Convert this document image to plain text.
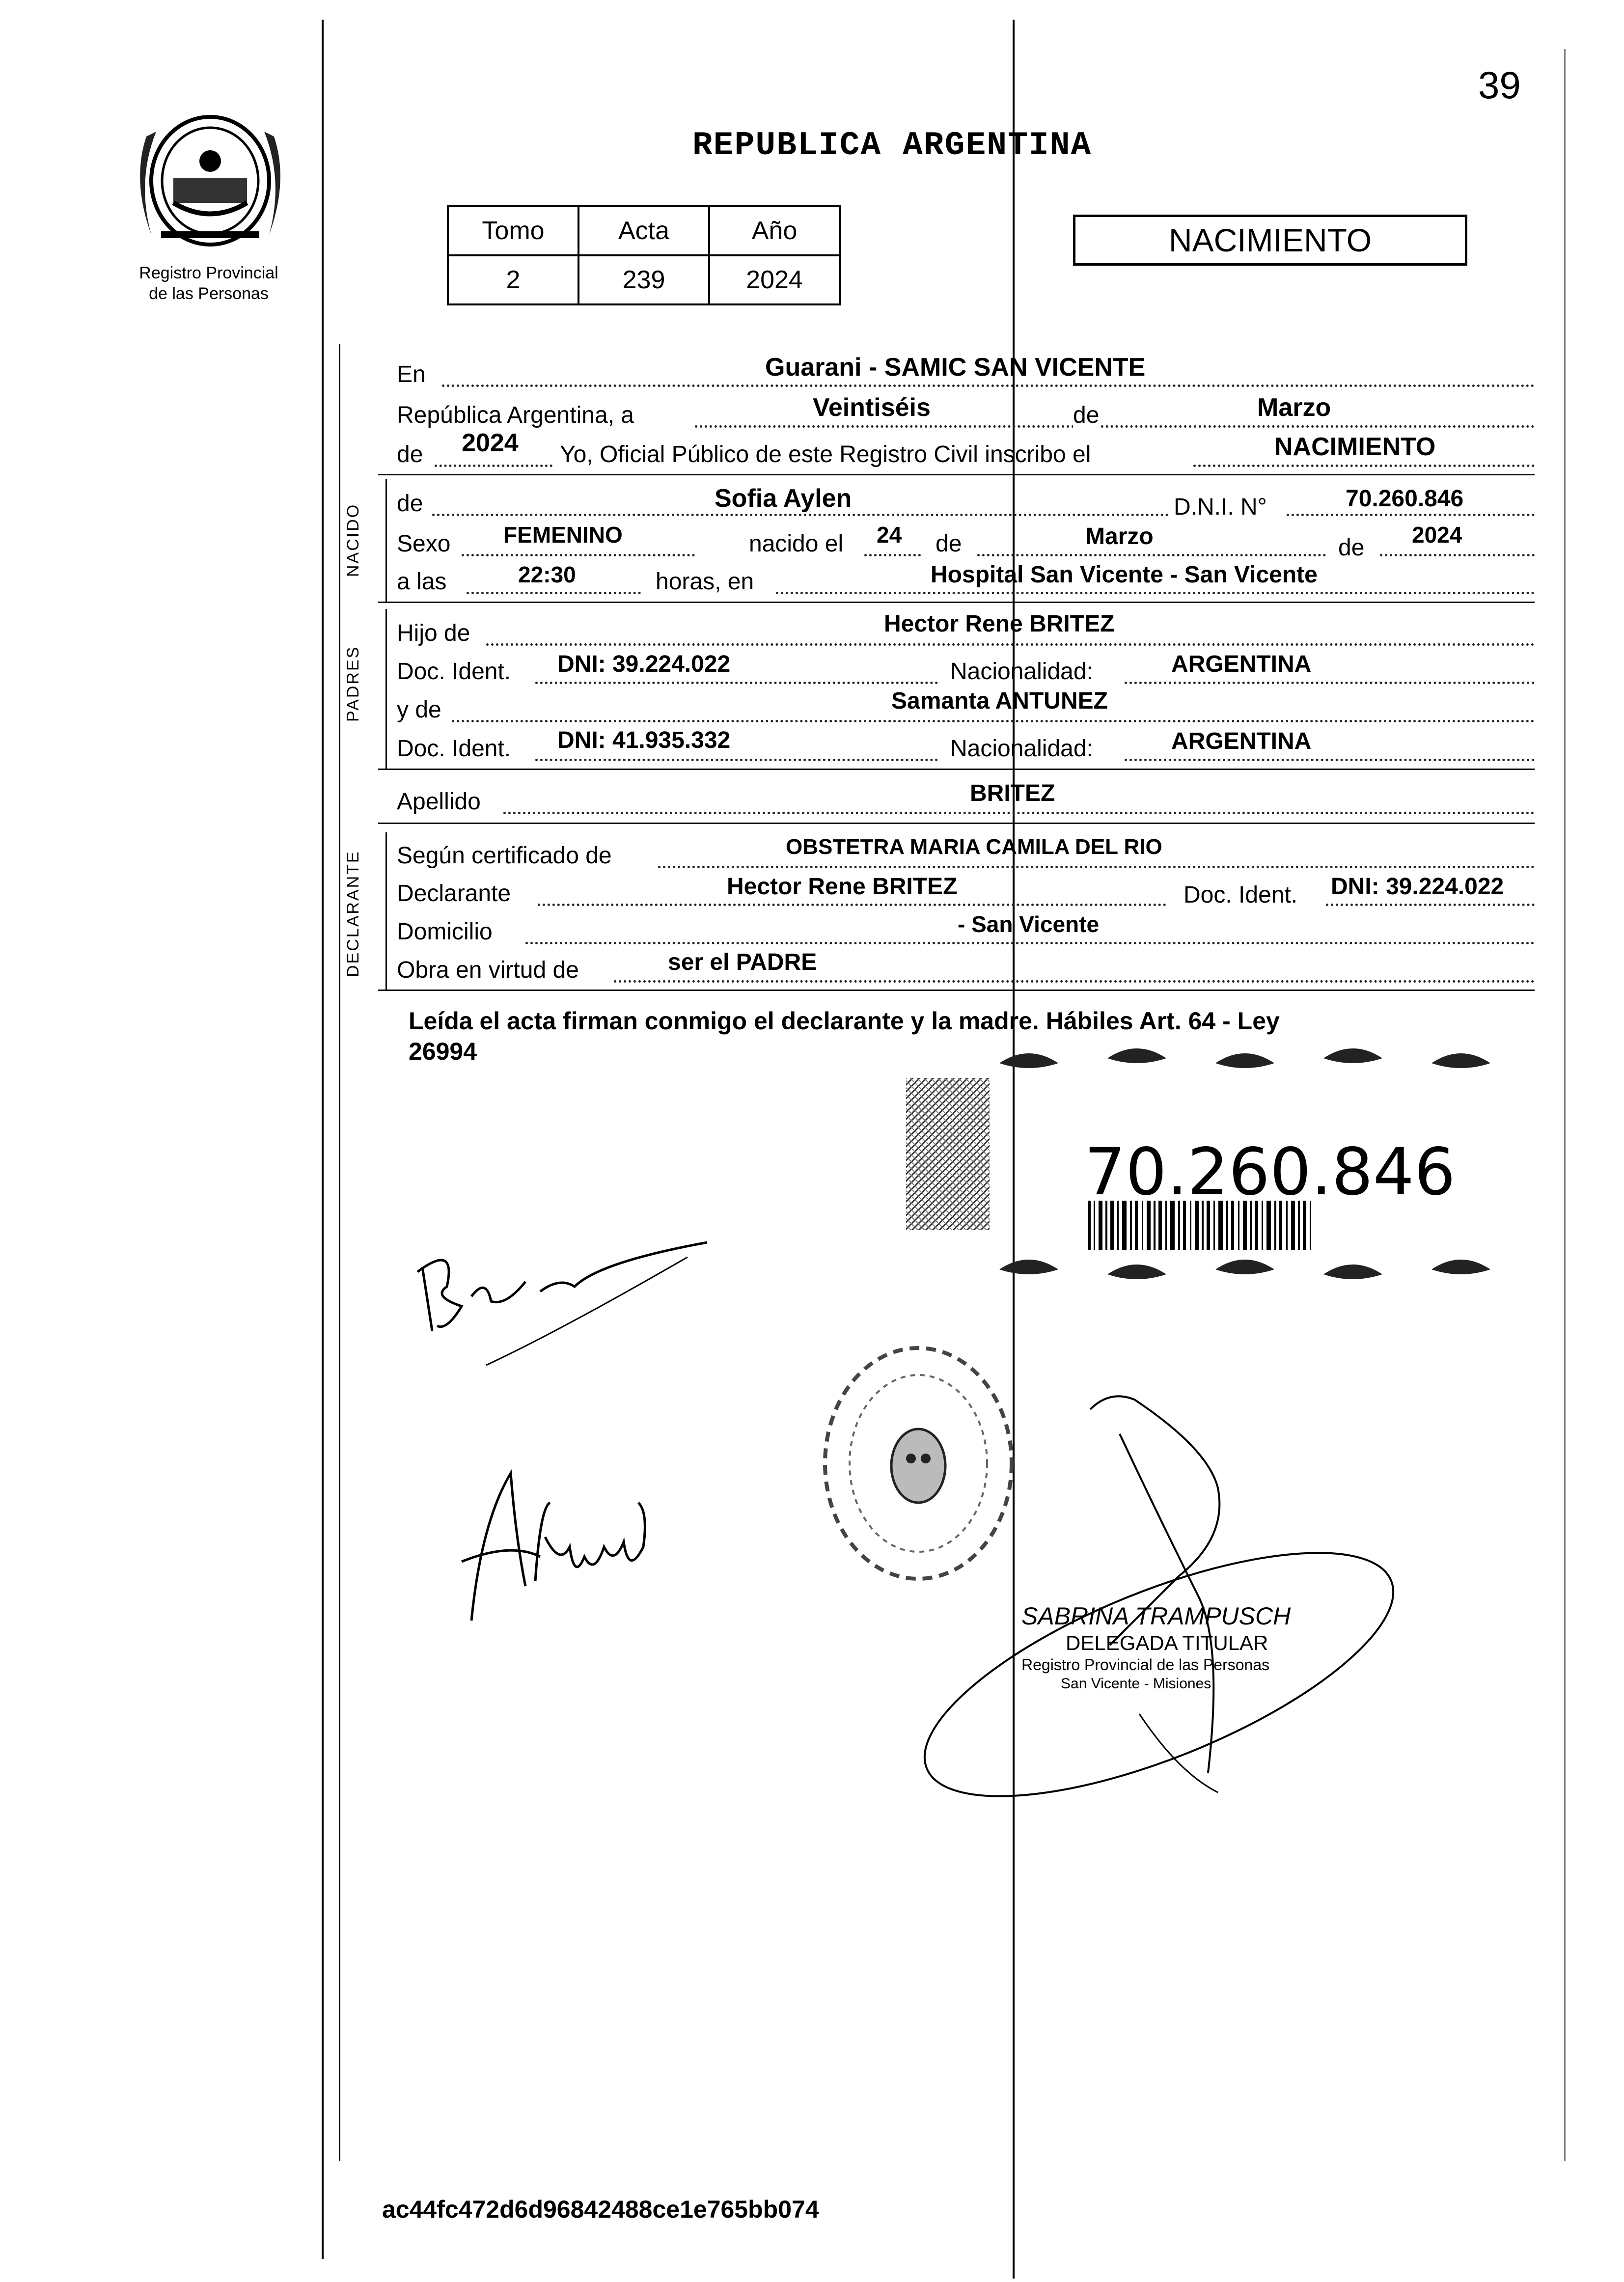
39
REPUBLICA ARGENTINA
Registro Provincial
de las Personas
Tomo	Acta	Año
2	239	2024
NACIMIENTO
En	Guarani - SAMIC SAN VICENTE
República Argentina, a	Veintiséis	de	Marzo
de 2024 Yo, Oficial Público de este Registro Civil inscribo el	NACIMIENTO
NACIDO de	Sofia Aylen	D.N.I. N°	70.260.846
Sexo FEMENINO	nacido el 24 de	Marzo	de 2024
a las	22:30	horas, en	Hospital San Vicente - San Vicente
PADRES
Hijo de	Hector Rene BRITEZ
Doc. Ident. DNI: 39.224.022	Nacionalidad:	ARGENTINA
y de	Samanta ANTUNEZ
Doc. Ident. DNI: 41.935.332	Nacionalidad:	ARGENTINA
Apellido	BRITEZ
DECLARANTE Según certificado de	OBSTETRA MARIA CAMILA DEL RIO
Declarante	Hector Rene BRITEZ	Doc. Ident. DNI: 39.224.022
Domicilio	- San Vicente
Obra en virtud de	ser el PADRE
Leída el acta firman conmigo el declarante y la madre. Hábiles Art. 64 - Ley
26994
70.260.846
SABRINA TRAMPUSCH
DELEGADA TITULAR
Registro Provincial de las Personas
San Vicente - Misiones
ac44fc472d6d96842488ce1e765bb074
